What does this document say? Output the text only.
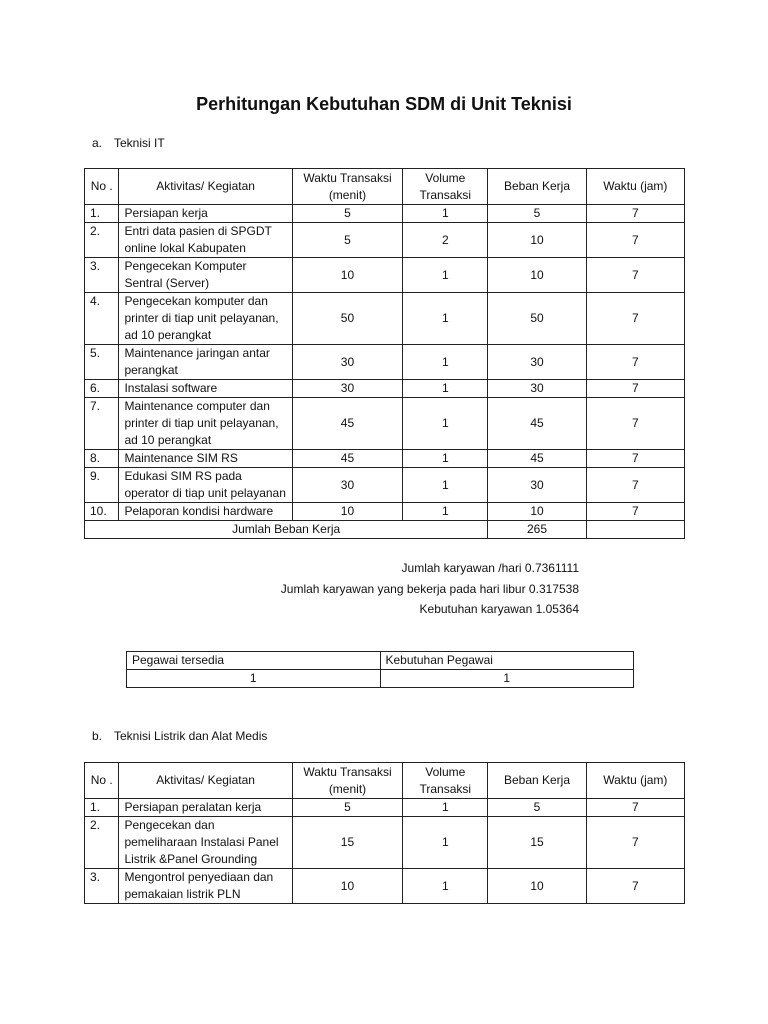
Perhitungan Kebutuhan SDM di Unit Teknisi
a. Teknisi IT
No .	Aktivitas/ Kegiatan	Waktu Transaksi (menit)	Volume Transaksi	Beban Kerja	Waktu (jam)
1.	Persiapan kerja	5	1	5	7
2.	Entri data pasien di SPGDT online lokal Kabupaten	5	2	10	7
3.	Pengecekan Komputer Sentral (Server)	10	1	10	7
4.	Pengecekan komputer dan printer di tiap unit pelayanan, ad 10 perangkat	50	1	50	7
5.	Maintenance jaringan antar perangkat	30	1	30	7
6.	Instalasi software	30	1	30	7
7.	Maintenance computer dan printer di tiap unit pelayanan, ad 10 perangkat	45	1	45	7
8.	Maintenance SIM RS	45	1	45	7
9.	Edukasi SIM RS pada operator di tiap unit pelayanan	30	1	30	7
10.	Pelaporan kondisi hardware	10	1	10	7
Jumlah Beban Kerja				265	
Jumlah karyawan /hari 0.7361111
Jumlah karyawan yang bekerja pada hari libur 0.317538
Kebutuhan karyawan 1.05364
Pegawai tersedia	Kebutuhan Pegawai
1	1
b. Teknisi Listrik dan Alat Medis
No .	Aktivitas/ Kegiatan	Waktu Transaksi (menit)	Volume Transaksi	Beban Kerja	Waktu (jam)
1.	Persiapan peralatan kerja	5	1	5	7
2.	Pengecekan dan pemeliharaan Instalasi Panel Listrik &Panel Grounding	15	1	15	7
3.	Mengontrol penyediaan dan pemakaian listrik PLN	10	1	10	7
